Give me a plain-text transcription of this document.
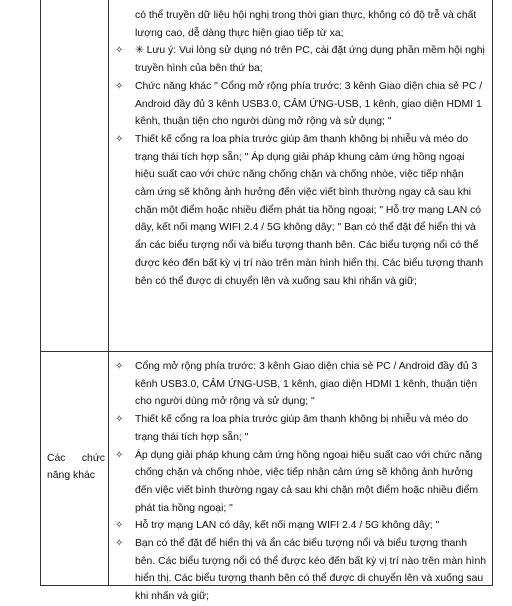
có thể truyền dữ liệu hội nghị trong thời gian thực, không có độ trễ và chất lượng cao, dễ dàng thực hiện giao tiếp từ xa;
✧ ✳ Lưu ý: Vui lòng sử dụng nó trên PC, cài đặt ứng dụng phần mềm hội nghị truyền hình của bên thứ ba;
✧ Chức năng khác " Cổng mở rộng phía trước: 3 kênh Giao diện chia sẻ PC / Android đầy đủ 3 kênh USB3.0, CẢM ỨNG-USB, 1 kênh, giao diện HDMI 1 kênh, thuận tiện cho người dùng mở rộng và sử dụng; "
✧ Thiết kế cổng ra loa phía trước giúp âm thanh không bị nhiễu và méo do trạng thái tích hợp sẵn; " Áp dụng giải pháp khung cảm ứng hồng ngoại hiệu suất cao với chức năng chống chặn và chống nhòe, việc tiếp nhận cảm ứng sẽ không ảnh hưởng đến việc viết bình thường ngay cả sau khi chặn một điểm hoặc nhiều điểm phát tia hồng ngoại; " Hỗ trợ mạng LAN có dây, kết nối mạng WIFI 2.4 / 5G không dây; " Bạn có thể đặt để hiển thị và ẩn các biểu tượng nổi và biểu tượng thanh bên. Các biểu tượng nổi có thể được kéo đến bất kỳ vị trí nào trên màn hình hiển thị. Các biểu tượng thanh bên có thể được di chuyển lên và xuống sau khi nhấn và giữ;
Các chức
năng khác
✧ Cổng mở rộng phía trước: 3 kênh Giao diện chia sẻ PC / Android đầy đủ 3 kênh USB3.0, CẢM ỨNG-USB, 1 kênh, giao diện HDMI 1 kênh, thuận tiện cho người dùng mở rộng và sử dụng; "
✧ Thiết kế cổng ra loa phía trước giúp âm thanh không bị nhiễu và méo do trạng thái tích hợp sẵn; "
✧ Áp dụng giải pháp khung cảm ứng hồng ngoại hiệu suất cao với chức năng chống chặn và chống nhòe, việc tiếp nhận cảm ứng sẽ không ảnh hưởng đến việc viết bình thường ngay cả sau khi chặn một điểm hoặc nhiều điểm phát tia hồng ngoại; "
✧ Hỗ trợ mạng LAN có dây, kết nối mạng WIFI 2.4 / 5G không dây; "
✧ Bạn có thể đặt để hiển thị và ẩn các biểu tượng nổi và biểu tượng thanh bên. Các biểu tượng nổi có thể được kéo đến bất kỳ vị trí nào trên màn hình hiển thị. Các biểu tượng thanh bên có thể được di chuyển lên và xuống sau khi nhấn và giữ;
